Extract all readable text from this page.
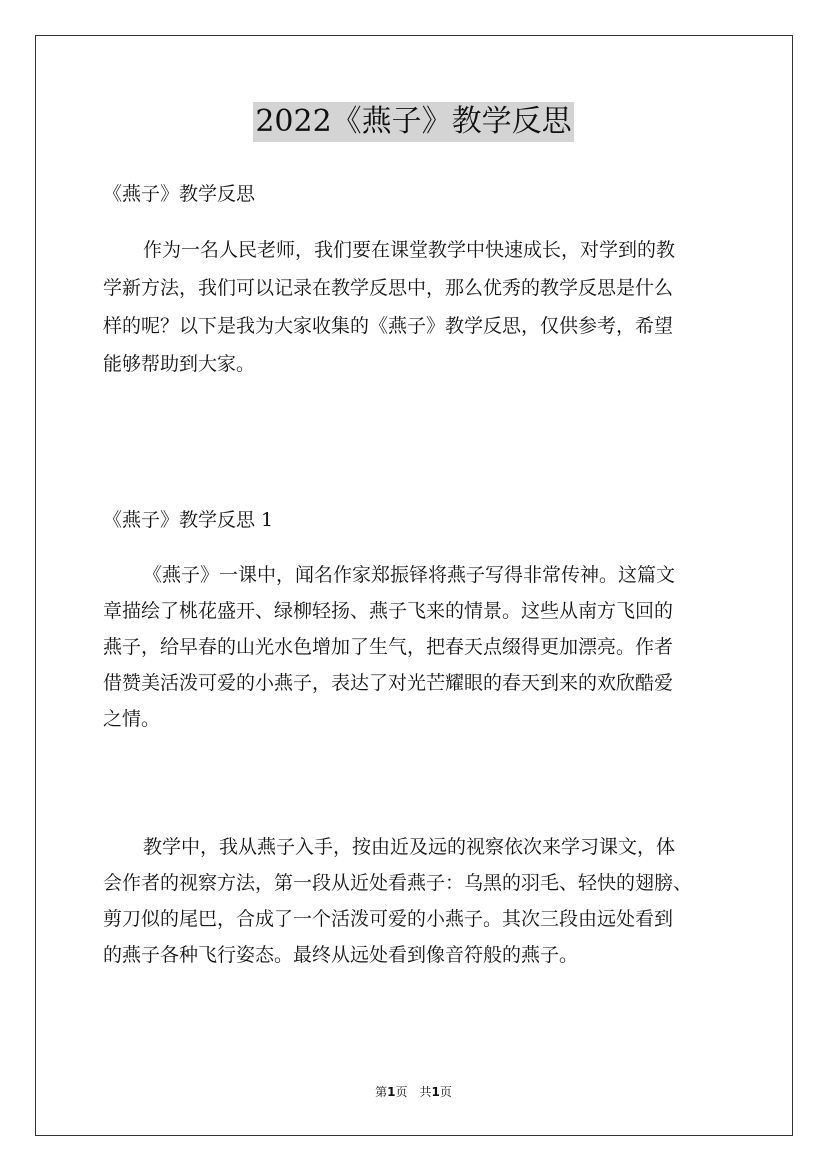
2022《燕子》教学反思

《燕子》教学反思

作为一名人民老师，我们要在课堂教学中快速成长，对学到的教
学新方法，我们可以记录在教学反思中，那么优秀的教学反思是什么
样的呢？以下是我为大家收集的《燕子》教学反思，仅供参考，希望
能够帮助到大家。

《燕子》教学反思 1

《燕子》一课中，闻名作家郑振铎将燕子写得非常传神。这篇文
章描绘了桃花盛开、绿柳轻扬、燕子飞来的情景。这些从南方飞回的
燕子，给早春的山光水色增加了生气，把春天点缀得更加漂亮。作者
借赞美活泼可爱的小燕子，表达了对光芒耀眼的春天到来的欢欣酷爱
之情。

教学中，我从燕子入手，按由近及远的视察依次来学习课文，体
会作者的视察方法，第一段从近处看燕子：乌黑的羽毛、轻快的翅膀、
剪刀似的尾巴，合成了一个活泼可爱的小燕子。其次三段由远处看到
的燕子各种飞行姿态。最终从远处看到像音符般的燕子。

第1页　共1页
